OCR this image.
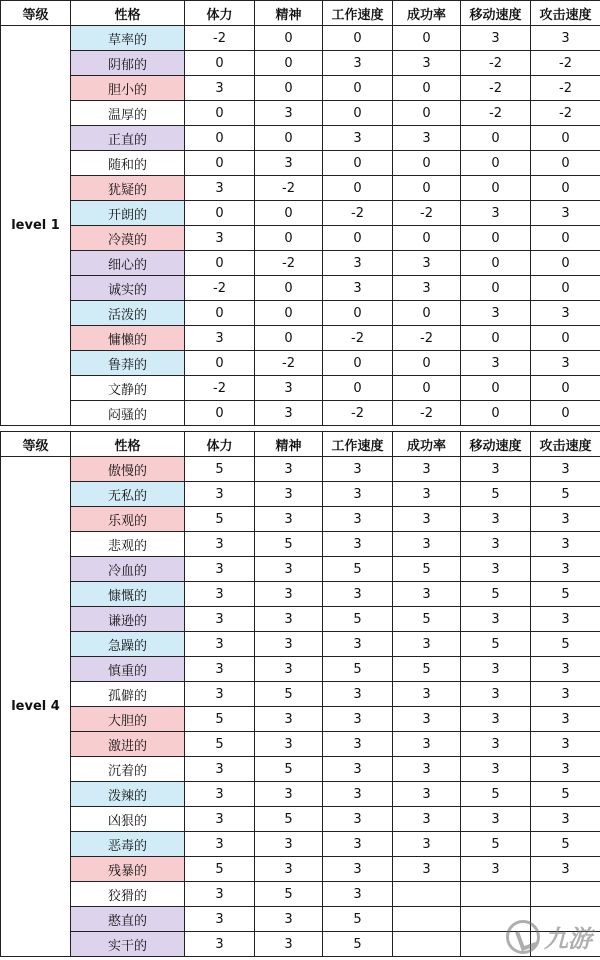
等级	性格	体力	精神	工作速度	成功率	移动速度	攻击速度
level 1	草率的	-2	0	0	0	3	3
	阴郁的	0	0	3	3	-2	-2
	胆小的	3	0	0	0	-2	-2
	温厚的	0	3	0	0	-2	-2
	正直的	0	0	3	3	0	0
	随和的	0	3	0	0	0	0
	犹疑的	3	-2	0	0	0	0
	开朗的	0	0	-2	-2	3	3
	冷漠的	3	0	0	0	0	0
	细心的	0	-2	3	3	0	0
	诚实的	-2	0	3	3	0	0
	活泼的	0	0	0	0	3	3
	慵懒的	3	0	-2	-2	0	0
	鲁莽的	0	-2	0	0	3	3
	文静的	-2	3	0	0	0	0
	闷骚的	0	3	-2	-2	0	0
等级	性格	体力	精神	工作速度	成功率	移动速度	攻击速度
level 4	傲慢的	5	3	3	3	3	3
	无私的	3	3	3	3	5	5
	乐观的	5	3	3	3	3	3
	悲观的	3	5	3	3	3	3
	冷血的	3	3	5	5	3	3
	慷慨的	3	3	3	3	5	5
	谦逊的	3	3	5	5	3	3
	急躁的	3	3	3	3	5	5
	慎重的	3	3	5	5	3	3
	孤僻的	3	5	3	3	3	3
	大胆的	5	3	3	3	3	3
	激进的	5	3	3	3	3	3
	沉着的	3	5	3	3	3	3
	泼辣的	3	3	3	3	5	5
	凶狠的	3	5	3	3	3	3
	恶毒的	3	3	3	3	5	5
	残暴的	5	3	3	3	3	3
	狡猾的	3	5	3			
	憨直的	3	3	5			
	实干的	3	3	5				九游
